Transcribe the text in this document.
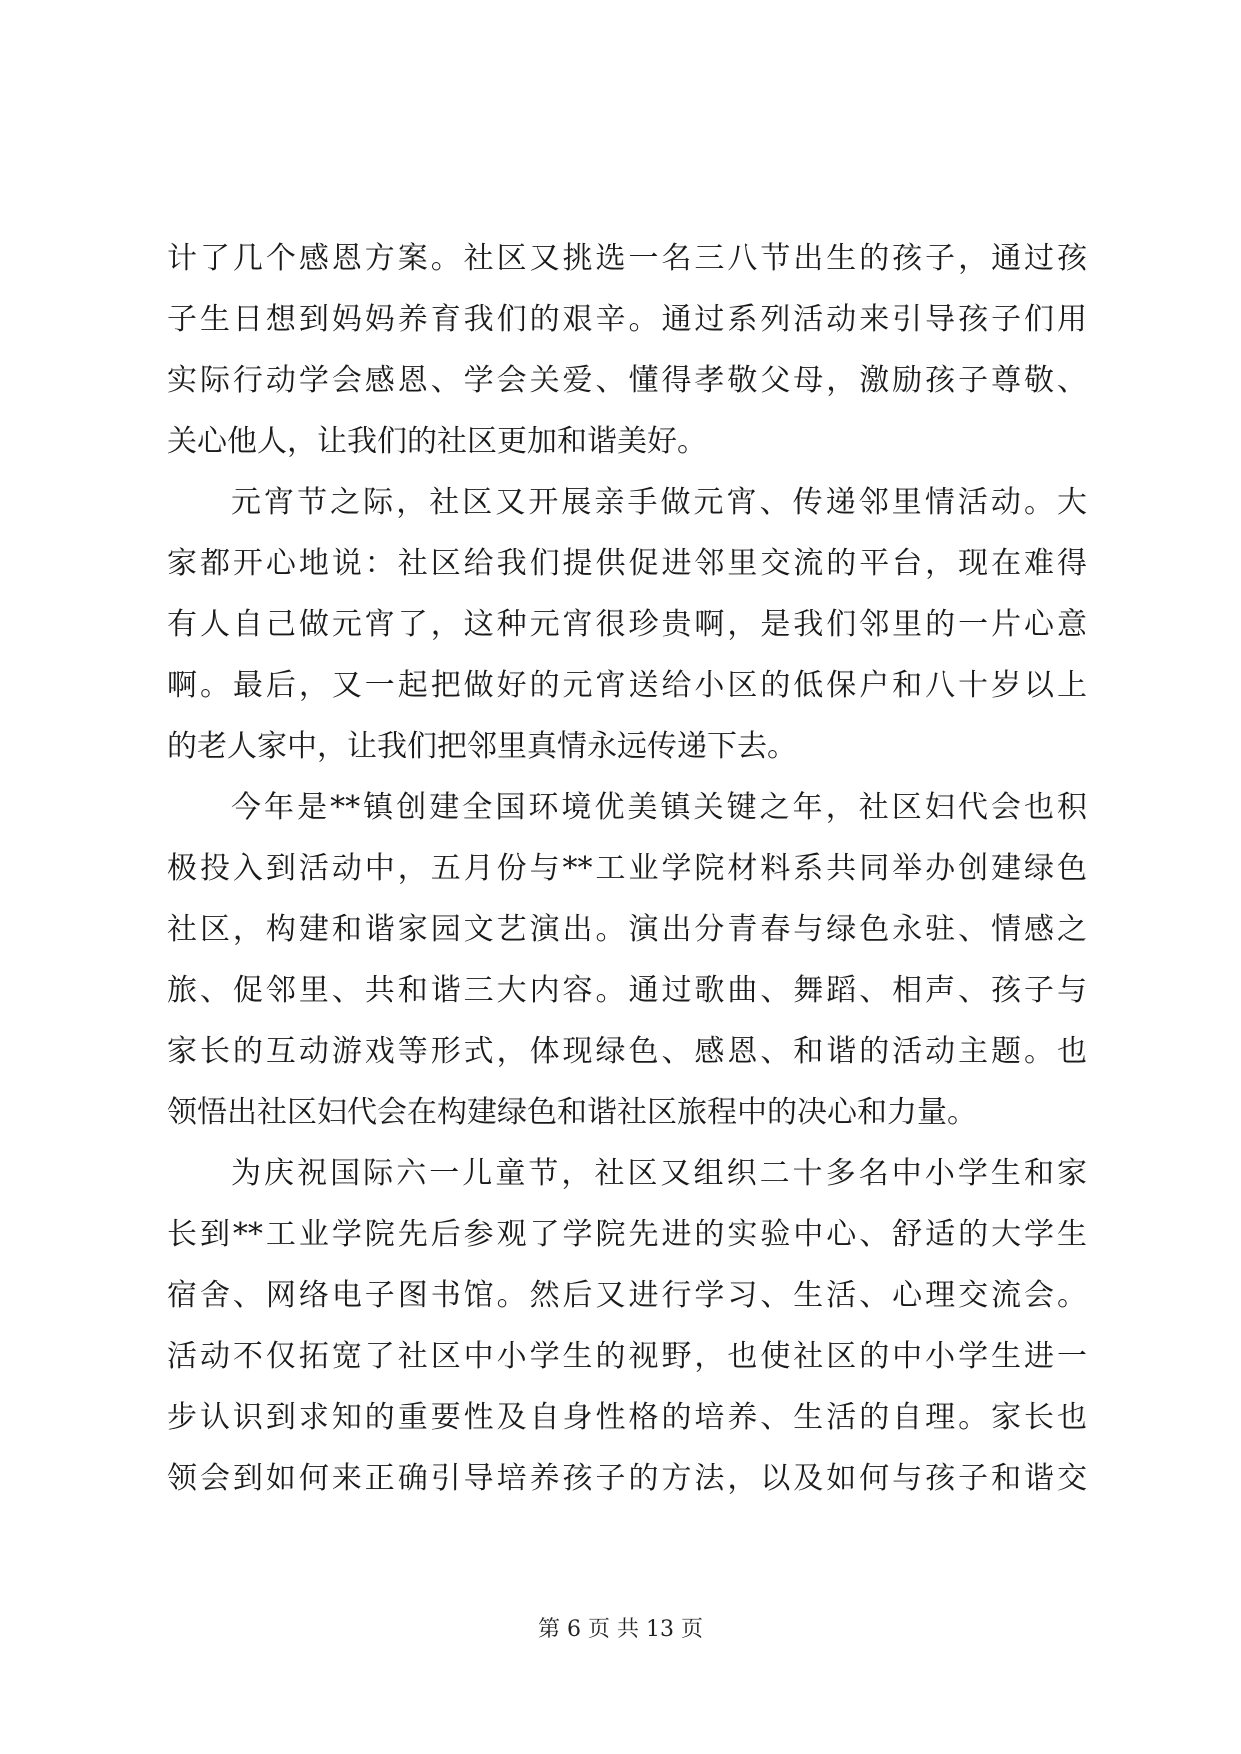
计了几个感恩方案。社区又挑选一名三八节出生的孩子，通过孩
子生日想到妈妈养育我们的艰辛。通过系列活动来引导孩子们用
实际行动学会感恩、学会关爱、懂得孝敬父母，激励孩子尊敬、
关心他人，让我们的社区更加和谐美好。
元宵节之际，社区又开展亲手做元宵、传递邻里情活动。大
家都开心地说：社区给我们提供促进邻里交流的平台，现在难得
有人自己做元宵了，这种元宵很珍贵啊，是我们邻里的一片心意
啊。最后，又一起把做好的元宵送给小区的低保户和八十岁以上
的老人家中，让我们把邻里真情永远传递下去。
今年是**镇创建全国环境优美镇关键之年，社区妇代会也积
极投入到活动中，五月份与**工业学院材料系共同举办创建绿色
社区，构建和谐家园文艺演出。演出分青春与绿色永驻、情感之
旅、促邻里、共和谐三大内容。通过歌曲、舞蹈、相声、孩子与
家长的互动游戏等形式，体现绿色、感恩、和谐的活动主题。也
领悟出社区妇代会在构建绿色和谐社区旅程中的决心和力量。
为庆祝国际六一儿童节，社区又组织二十多名中小学生和家
长到**工业学院先后参观了学院先进的实验中心、舒适的大学生
宿舍、网络电子图书馆。然后又进行学习、生活、心理交流会。
活动不仅拓宽了社区中小学生的视野，也使社区的中小学生进一
步认识到求知的重要性及自身性格的培养、生活的自理。家长也
领会到如何来正确引导培养孩子的方法，以及如何与孩子和谐交
第 6 页 共 13 页
